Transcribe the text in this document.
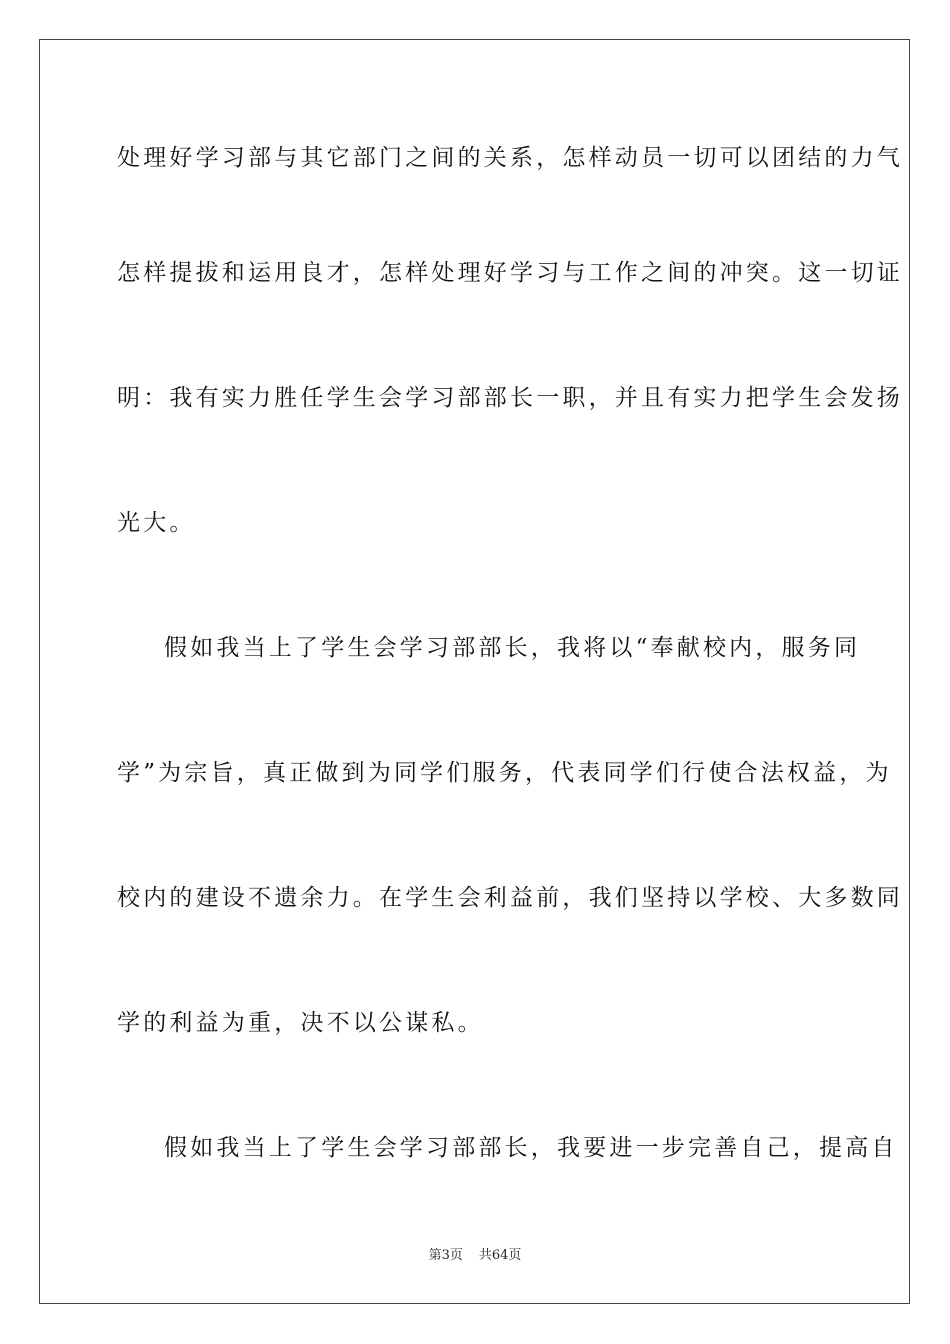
处理好学习部与其它部门之间的关系，怎样动员一切可以团结的力气
怎样提拔和运用良才，怎样处理好学习与工作之间的冲突。这一切证
明：我有实力胜任学生会学习部部长一职，并且有实力把学生会发扬
光大。
假如我当上了学生会学习部部长，我将以“奉献校内，服务同
学”为宗旨，真正做到为同学们服务，代表同学们行使合法权益，为
校内的建设不遗余力。在学生会利益前，我们坚持以学校、大多数同
学的利益为重，决不以公谋私。
假如我当上了学生会学习部部长，我要进一步完善自己，提高自
第3页 共64页
